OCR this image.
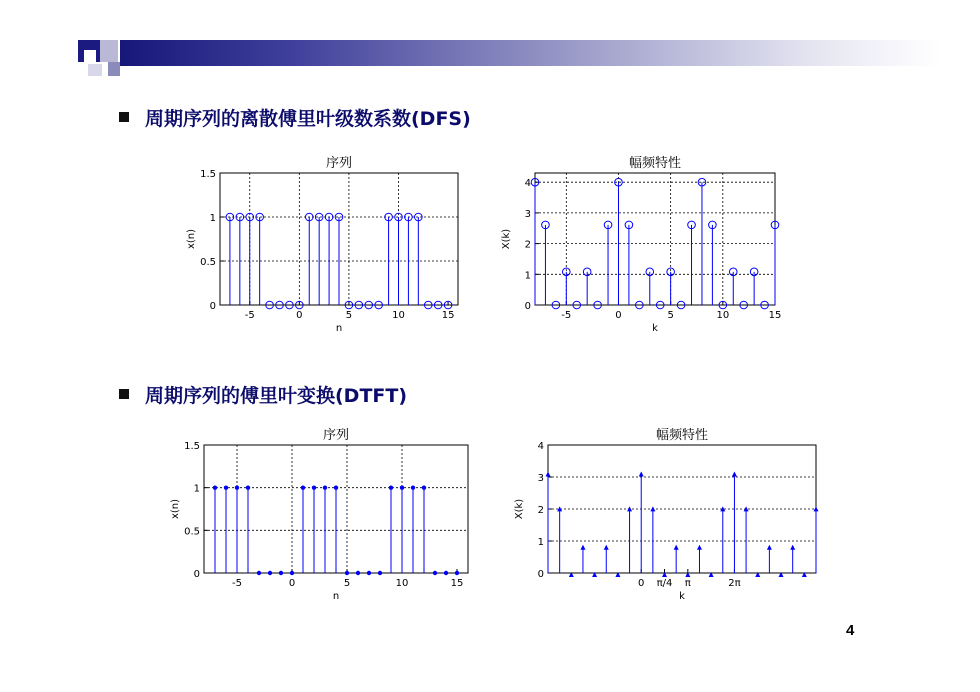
周期序列的离散傅里叶级数系数(DFS)
周期序列的傅里叶变换(DTFT)
-5	0	5	10	15
0
0.5
1
1.5
序列
n
x(n)
-5	0	5	10	15
0
1
2
3
4
幅频特性
k
X(k)
-5	0	5	10	15
0
0.5
1
1.5
序列
n
x(n)
0 π/4 π	2π
0
1
2
3
4
幅频特性
k
X(k)
4
